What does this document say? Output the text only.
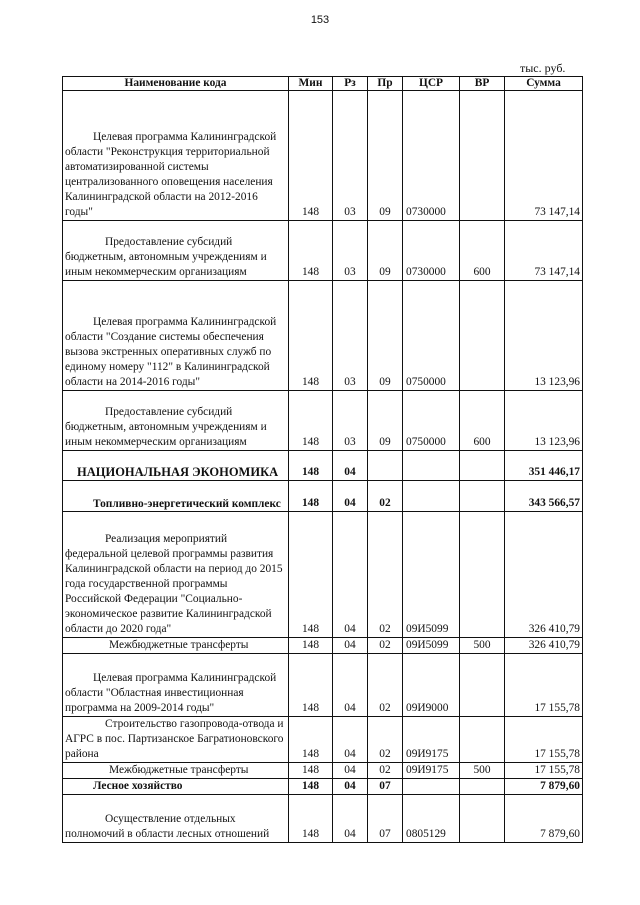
153
тыс. руб.
Наименование кода	Мин	Рз	Пр	ЦСР	ВР	Сумма
Целевая программа Калининградской области "Реконструкция территориальной автоматизированной системы централизованного оповещения населения Калининградской области на 2012-2016 годы"	148	03	09	0730000		73 147,14
Предоставление субсидий бюджетным, автономным учреждениям и иным некоммерческим организациям	148	03	09	0730000	600	73 147,14
Целевая программа Калининградской области "Создание системы обеспечения вызова экстренных оперативных служб по единому номеру "112" в Калининградской области на 2014-2016 годы"	148	03	09	0750000		13 123,96
Предоставление субсидий бюджетным, автономным учреждениям и иным некоммерческим организациям	148	03	09	0750000	600	13 123,96
НАЦИОНАЛЬНАЯ ЭКОНОМИКА	148	04				351 446,17
Топливно-энергетический комплекс	148	04	02			343 566,57
Реализация мероприятий федеральной целевой программы развития Калининградской области на период до 2015 года государственной программы Российской Федерации "Социально-экономическое развитие Калининградской области до 2020 года"	148	04	02	09И5099		326 410,79
Межбюджетные трансферты	148	04	02	09И5099	500	326 410,79
Целевая программа Калининградской области "Областная инвестиционная программа на 2009-2014 годы"	148	04	02	09И9000		17 155,78
Строительство газопровода-отвода и АГРС в пос. Партизанское Багратионовского района	148	04	02	09И9175		17 155,78
Межбюджетные трансферты	148	04	02	09И9175	500	17 155,78
Лесное хозяйство	148	04	07			7 879,60
Осуществление отдельных полномочий в области лесных отношений	148	04	07	0805129		7 879,60
